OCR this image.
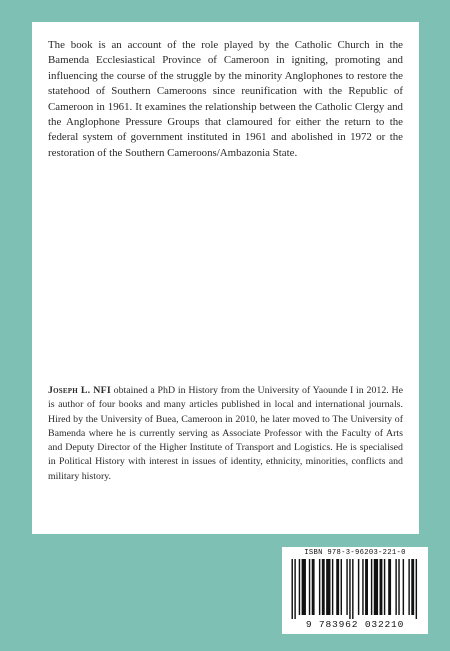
The book is an account of the role played by the Catholic Church in the Bamenda Ecclesiastical Province of Cameroon in igniting, promoting and influencing the course of the struggle by the minority Anglophones to restore the statehood of Southern Cameroons since reunification with the Republic of Cameroon in 1961. It examines the relationship between the Catholic Clergy and the Anglophone Pressure Groups that clamoured for either the return to the federal system of government instituted in 1961 and abolished in 1972 or the restoration of the Southern Cameroons/Ambazonia State.

Joseph L. NFI obtained a PhD in History from the University of Yaounde I in 2012. He is author of four books and many articles published in local and international journals. Hired by the University of Buea, Cameroon in 2010, he later moved to The University of Bamenda where he is currently serving as Associate Professor with the Faculty of Arts and Deputy Director of the Higher Institute of Transport and Logistics. He is specialised in Political History with interest in issues of identity, ethnicity, minorities, conflicts and military history.

ISBN 978-3-96203-221-0
9 783962 032210
